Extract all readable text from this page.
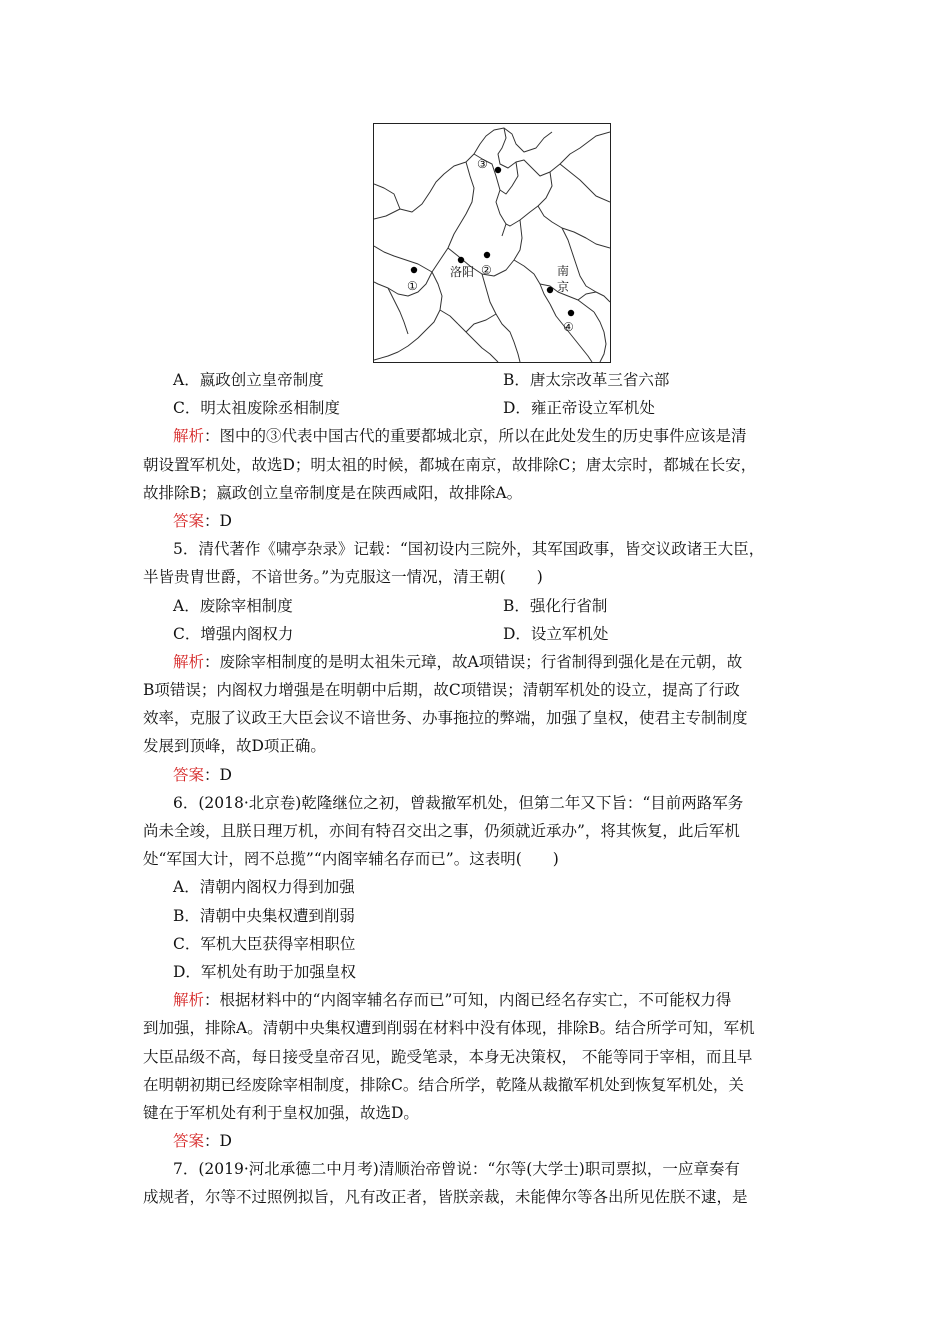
③
①
洛阳 ②	南
京
④
A．嬴政创立皇帝制度	B．唐太宗改革三省六部
C．明太祖废除丞相制度	D．雍正帝设立军机处
解析：图中的③代表中国古代的重要都城北京，所以在此处发生的历史事件应该是清
朝设置军机处，故选D；明太祖的时候，都城在南京，故排除C；唐太宗时，都城在长安，
故排除B；嬴政创立皇帝制度是在陕西咸阳，故排除A。
答案：D
5．清代著作《啸亭杂录》记载：“国初设内三院外，其军国政事，皆交议政诸王大臣，
半皆贵胄世爵，不谙世务。”为克服这一情况，清王朝(　　)
A．废除宰相制度	B．强化行省制
C．增强内阁权力	D．设立军机处
解析：废除宰相制度的是明太祖朱元璋，故A项错误；行省制得到强化是在元朝，故
B项错误；内阁权力增强是在明朝中后期，故C项错误；清朝军机处的设立，提高了行政
效率，克服了议政王大臣会议不谙世务、办事拖拉的弊端，加强了皇权，使君主专制制度
发展到顶峰，故D项正确。
答案：D
6．(2018·北京卷)乾隆继位之初，曾裁撤军机处，但第二年又下旨：“目前两路军务
尚未全竣，且朕日理万机，亦间有特召交出之事，仍须就近承办”，将其恢复，此后军机
处“军国大计，罔不总揽”“内阁宰辅名存而已”。这表明(　　)
A．清朝内阁权力得到加强
B．清朝中央集权遭到削弱
C．军机大臣获得宰相职位
D．军机处有助于加强皇权
解析：根据材料中的“内阁宰辅名存而已”可知，内阁已经名存实亡，不可能权力得
到加强，排除A。清朝中央集权遭到削弱在材料中没有体现，排除B。结合所学可知，军机
大臣品级不高，每日接受皇帝召见，跪受笔录，本身无决策权， 不能等同于宰相，而且早
在明朝初期已经废除宰相制度，排除C。结合所学，乾隆从裁撤军机处到恢复军机处，关
键在于军机处有利于皇权加强，故选D。
答案：D
7．(2019·河北承德二中月考)清顺治帝曾说：“尔等(大学士)职司票拟，一应章奏有
成规者，尔等不过照例拟旨，凡有改正者，皆朕亲裁，未能俾尔等各出所见佐朕不逮，是
